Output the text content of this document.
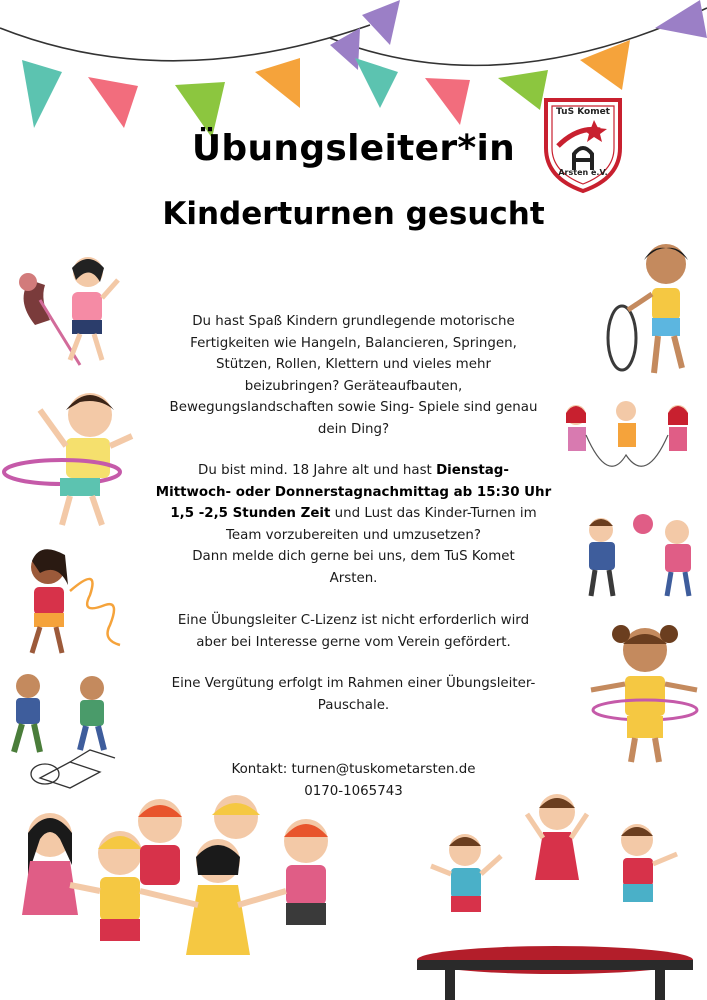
TuS Komet
Arsten e.V.
Übungsleiter*in
Kinderturnen gesucht
Du hast Spaß Kindern grundlegende motorische
Fertigkeiten wie Hangeln, Balancieren, Springen,
Stützen, Rollen, Klettern und vieles mehr
beizubringen? Geräteaufbauten,
Bewegungslandschaften sowie Sing- Spiele sind genau
dein Ding?
Du bist mind. 18 Jahre alt und hast Dienstag-
Mittwoch- oder Donnerstagnachmittag ab 15:30 Uhr
1,5 -2,5 Stunden Zeit und Lust das Kinder-Turnen im
Team vorzubereiten und umzusetzen?
Dann melde dich gerne bei uns, dem TuS Komet
Arsten.
Eine Übungsleiter C-Lizenz ist nicht erforderlich wird
aber bei Interesse gerne vom Verein gefördert.
Eine Vergütung erfolgt im Rahmen einer Übungsleiter-
Pauschale.
Kontakt: turnen@tuskometarsten.de
0170-1065743
